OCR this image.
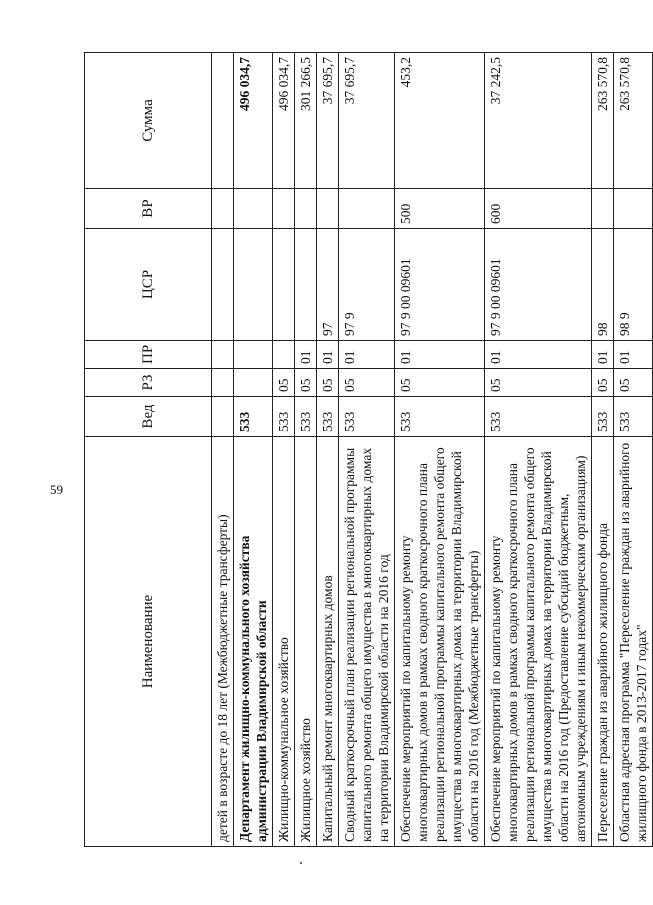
59
Наименование	Вед	РЗ	ПР	ЦСР	ВР	Сумма
детей в возрасте до 18 лет (Межбюджетные трансферты)						
Департамент жилищно-коммунального хозяйства администрации Владимирской области	533					496 034,7
Жилищно-коммунальное хозяйство	533	05				496 034,7
Жилищное хозяйство	533	05	01			301 266,5
Капитальный ремонт многоквартирных домов	533	05	01	97		37 695,7
Сводный краткосрочный план реализации региональной программы капитального ремонта общего имущества в многоквартирных домах на территории Владимирской области на 2016 год	533	05	01	97 9		37 695,7
Обеспечение мероприятий по капитальному ремонту многоквартирных домов в рамках сводного краткосрочного плана реализации региональной программы капитального ремонта общего имущества в многоквартирных домах на территории Владимирской области на 2016 год (Межбюджетные трансферты)	533	05	01	97 9 00 09601	500	453,2
Обеспечение мероприятий по капитальному ремонту многоквартирных домов в рамках сводного краткосрочного плана реализации региональной программы капитального ремонта общего имущества в многоквартирных домах на территории Владимирской области на 2016 год (Предоставление субсидий бюджетным, автономным учреждениям и иным некоммерческим организациям)	533	05	01	97 9 00 09601	600	37 242,5
Переселение граждан из аварийного жилищного фонда	533	05	01	98		263 570,8
Областная адресная программа "Переселение граждан из аварийного жилищного фонда в 2013-2017 годах"	533	05	01	98 9		263 570,8
